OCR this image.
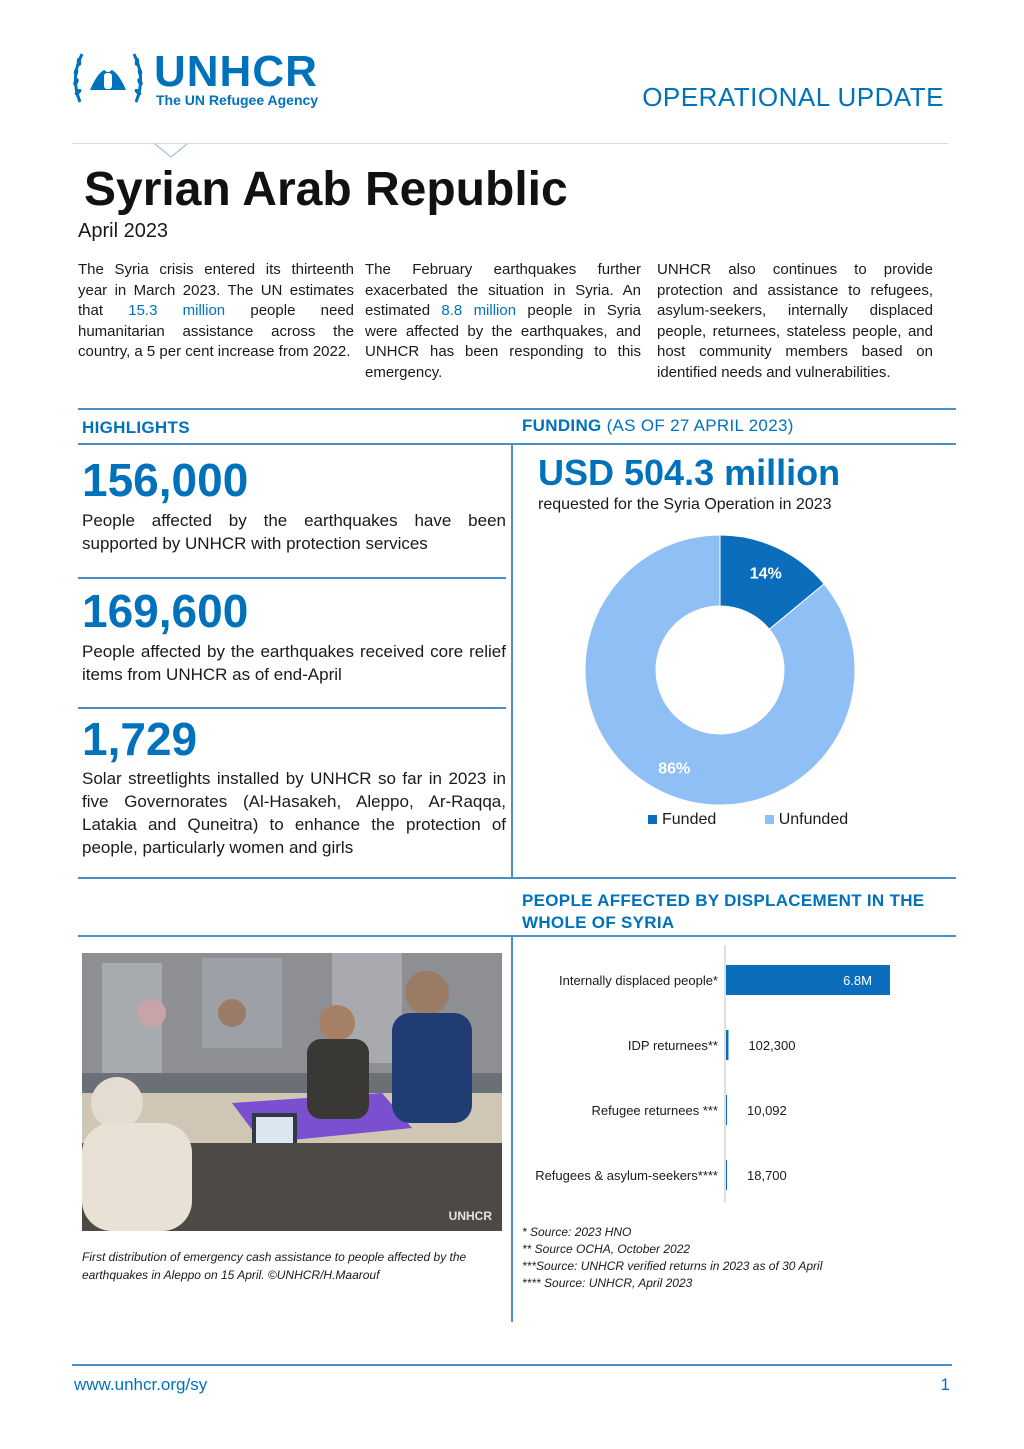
UNHCR
The UN Refugee Agency	OPERATIONAL UPDATE
Syrian Arab Republic
April 2023
The Syria crisis entered its thirteenth year in March 2023. The UN estimates that 15.3 million people need humanitarian assistance across the country, a 5 per cent increase from 2022.
The February earthquakes further exacerbated the situation in Syria. An estimated 8.8 million people in Syria were affected by the earthquakes, and UNHCR has been responding to this emergency.
UNHCR also continues to provide protection and assistance to refugees, asylum-seekers, internally displaced people, returnees, stateless people, and host community members based on identified needs and vulnerabilities.
HIGHLIGHTS
156,000
People affected by the earthquakes have been supported by UNHCR with protection services
169,600
People affected by the earthquakes received core relief items from UNHCR as of end-April
1,729
Solar streetlights installed by UNHCR so far in 2023 in five Governorates (Al-Hasakeh, Aleppo, Ar-Raqqa, Latakia and Quneitra) to enhance the protection of people, particularly women and girls
FUNDING (AS OF 27 APRIL 2023)
USD 504.3 million
requested for the Syria Operation in 2023
14%
86%
Funded	Unfunded
PEOPLE AFFECTED BY DISPLACEMENT IN THE WHOLE OF SYRIA
Internally displaced people*	6.8M
IDP returnees** 102,300
Refugee returnees *** 10,092
Refugees & asylum-seekers**** 18,700
* Source: 2023 HNO
** Source OCHA, October 2022
***Source: UNHCR verified returns in 2023 as of 30 April
**** Source: UNHCR, April 2023
UNHCR
First distribution of emergency cash assistance to people affected by the earthquakes in Aleppo on 15 April. ©UNHCR/H.Maarouf
www.unhcr.org/sy	1
